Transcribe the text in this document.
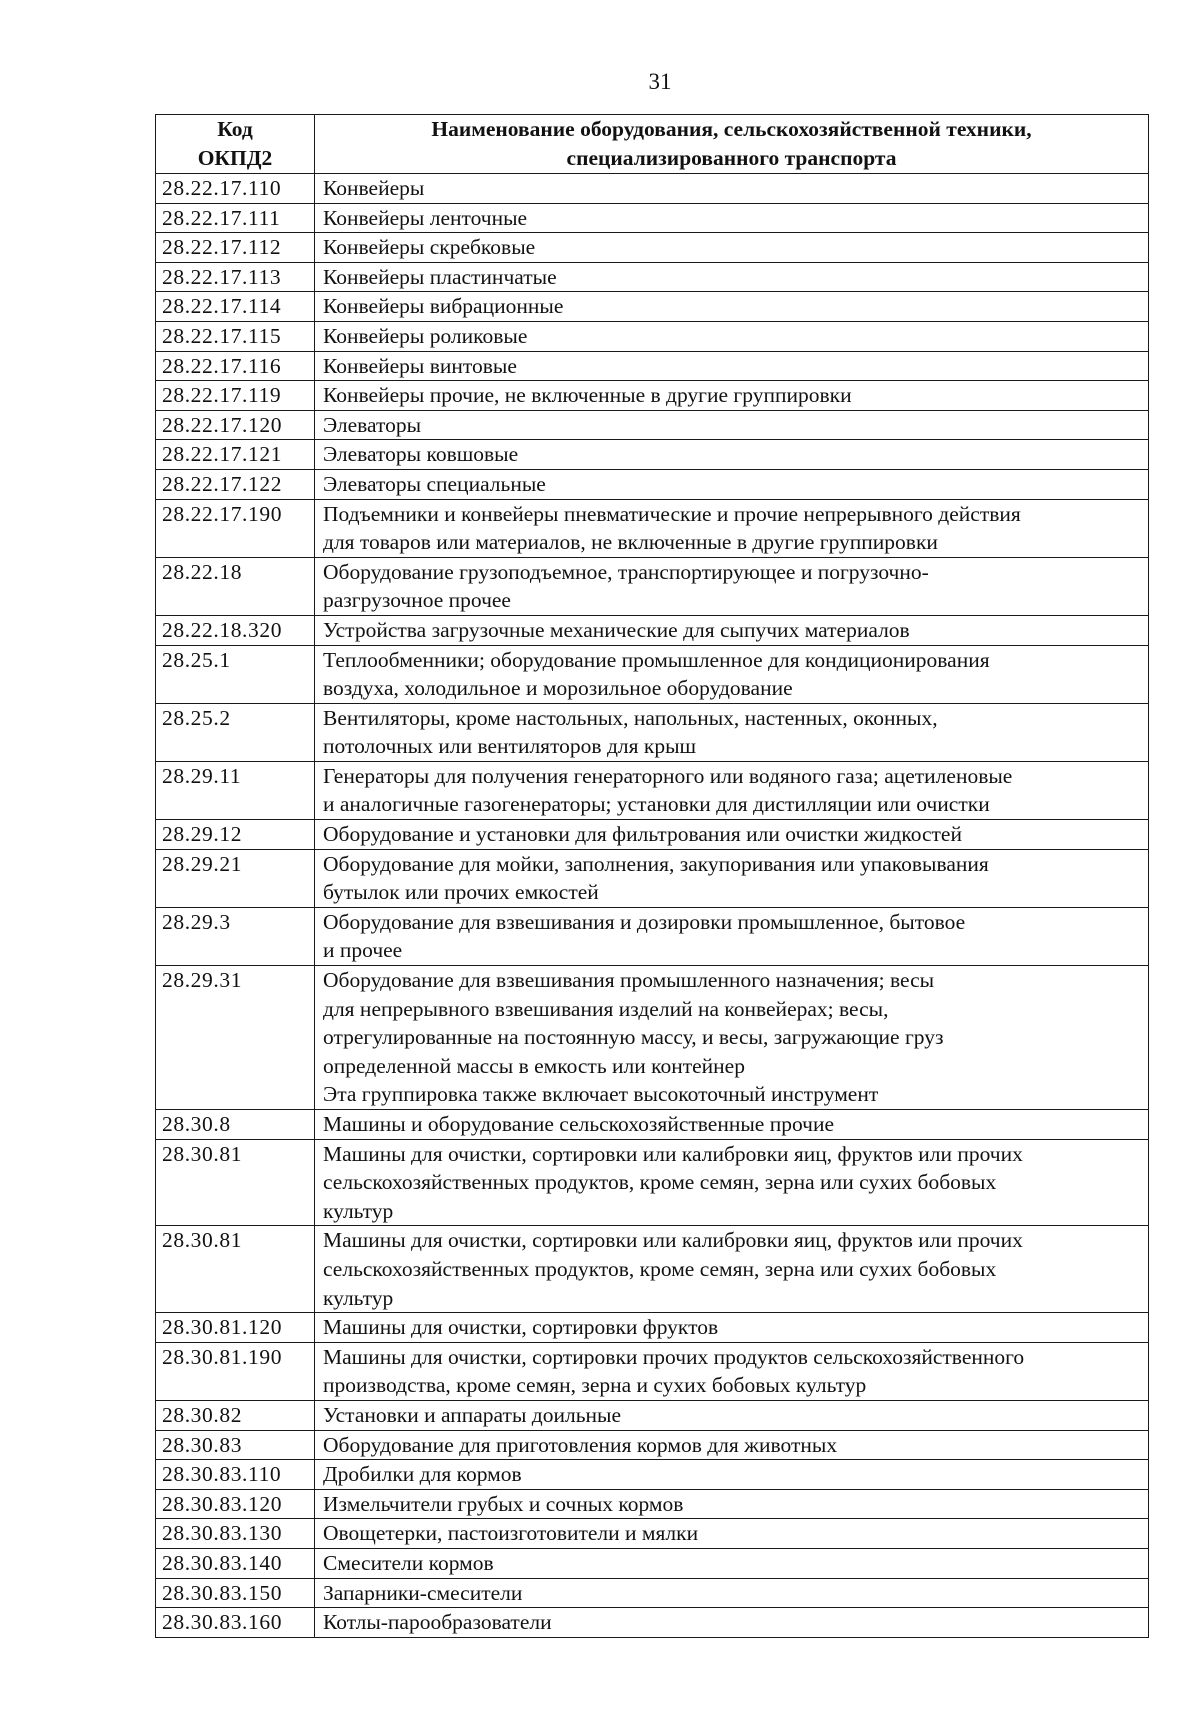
31
Код
ОКПД2	Наименование оборудования, сельскохозяйственной техники,
специализированного транспорта

28.22.17.110	Конвейеры

28.22.17.111	Конвейеры ленточные

28.22.17.112	Конвейеры скребковые

28.22.17.113	Конвейеры пластинчатые

28.22.17.114	Конвейеры вибрационные

28.22.17.115	Конвейеры роликовые

28.22.17.116	Конвейеры винтовые

28.22.17.119	Конвейеры прочие, не включенные в другие группировки

28.22.17.120	Элеваторы

28.22.17.121	Элеваторы ковшовые

28.22.17.122	Элеваторы специальные

28.22.17.190	Подъемники и конвейеры пневматические и прочие непрерывного действия
для товаров или материалов, не включенные в другие группировки

28.22.18	Оборудование грузоподъемное, транспортирующее и погрузочно-
разгрузочное прочее

28.22.18.320	Устройства загрузочные механические для сыпучих материалов

28.25.1	Теплообменники; оборудование промышленное для кондиционирования
воздуха, холодильное и морозильное оборудование

28.25.2	Вентиляторы, кроме настольных, напольных, настенных, оконных,
потолочных или вентиляторов для крыш

28.29.11	Генераторы для получения генераторного или водяного газа; ацетиленовые
и аналогичные газогенераторы; установки для дистилляции или очистки

28.29.12	Оборудование и установки для фильтрования или очистки жидкостей

28.29.21	Оборудование для мойки, заполнения, закупоривания или упаковывания
бутылок или прочих емкостей

28.29.3	Оборудование для взвешивания и дозировки промышленное, бытовое
и прочее

28.29.31	Оборудование для взвешивания промышленного назначения; весы
для непрерывного взвешивания изделий на конвейерах; весы,
отрегулированные на постоянную массу, и весы, загружающие груз
определенной массы в емкость или контейнер
Эта группировка также включает высокоточный инструмент

28.30.8	Машины и оборудование сельскохозяйственные прочие

28.30.81	Машины для очистки, сортировки или калибровки яиц, фруктов или прочих
сельскохозяйственных продуктов, кроме семян, зерна или сухих бобовых
культур

28.30.81	Машины для очистки, сортировки или калибровки яиц, фруктов или прочих
сельскохозяйственных продуктов, кроме семян, зерна или сухих бобовых
культур

28.30.81.120	Машины для очистки, сортировки фруктов

28.30.81.190	Машины для очистки, сортировки прочих продуктов сельскохозяйственного
производства, кроме семян, зерна и сухих бобовых культур

28.30.82	Установки и аппараты доильные

28.30.83	Оборудование для приготовления кормов для животных

28.30.83.110	Дробилки для кормов

28.30.83.120	Измельчители грубых и сочных кормов

28.30.83.130	Овощетерки, пастоизготовители и мялки

28.30.83.140	Смесители кормов

28.30.83.150	Запарники-смесители

28.30.83.160	Котлы-парообразователи
